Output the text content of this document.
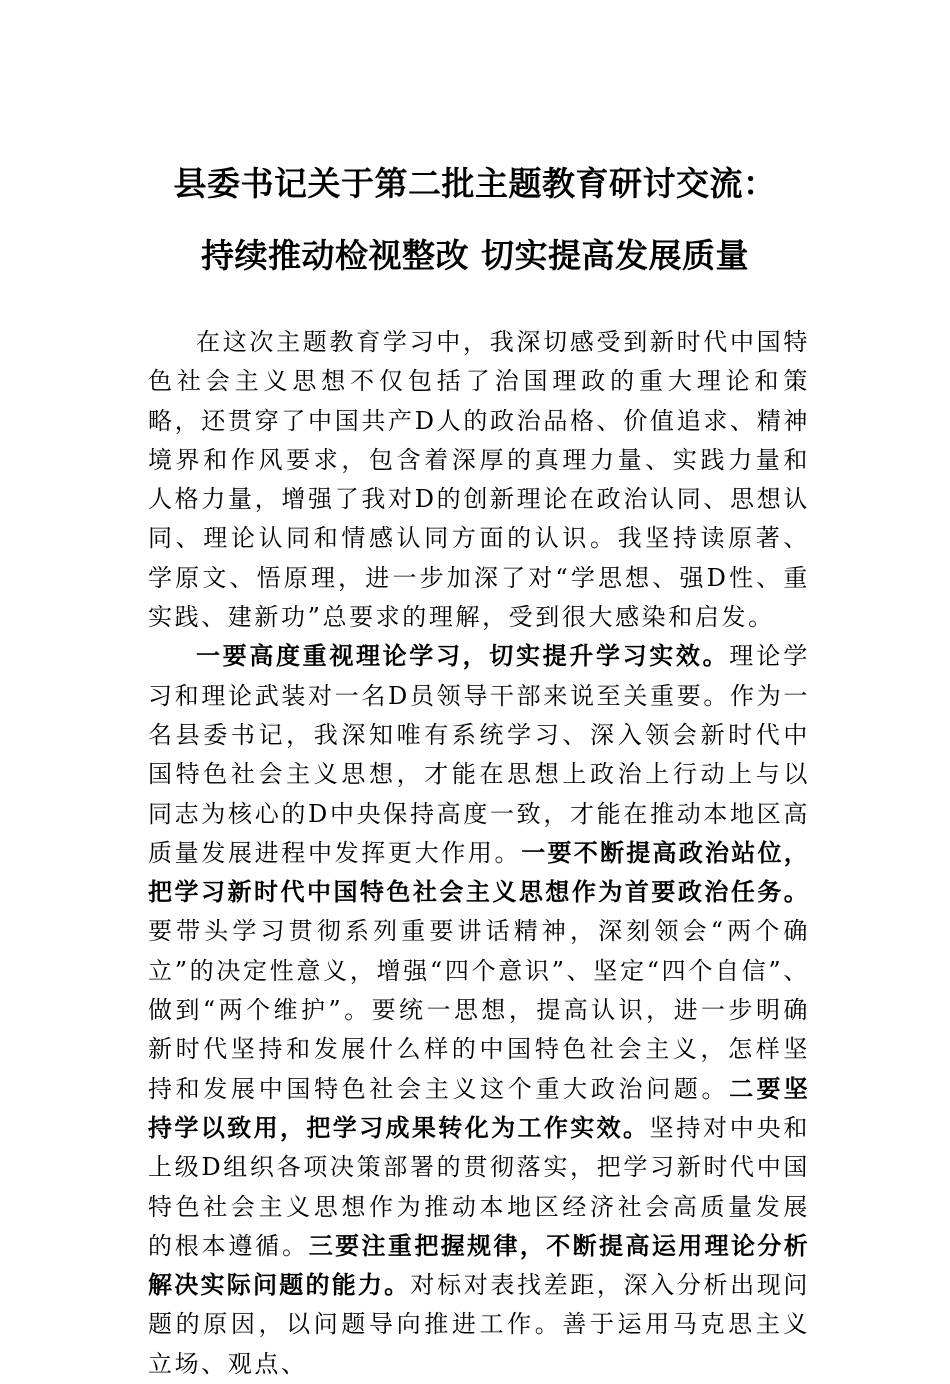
县委书记关于第二批主题教育研讨交流：
持续推动检视整改 切实提高发展质量

在这次主题教育学习中，我深切感受到新时代中国特色社会主义思想不仅包括了治国理政的重大理论和策略，还贯穿了中国共产D人的政治品格、价值追求、精神境界和作风要求，包含着深厚的真理力量、实践力量和人格力量，增强了我对D的创新理论在政治认同、思想认同、理论认同和情感认同方面的认识。我坚持读原著、学原文、悟原理，进一步加深了对“学思想、强D性、重实践、建新功”总要求的理解，受到很大感染和启发。

一要高度重视理论学习，切实提升学习实效。理论学习和理论武装对一名D员领导干部来说至关重要。作为一名县委书记，我深知唯有系统学习、深入领会新时代中国特色社会主义思想，才能在思想上政治上行动上与以同志为核心的D中央保持高度一致，才能在推动本地区高质量发展进程中发挥更大作用。一要不断提高政治站位，把学习新时代中国特色社会主义思想作为首要政治任务。要带头学习贯彻系列重要讲话精神，深刻领会“两个确立”的决定性意义，增强“四个意识”、坚定“四个自信”、做到“两个维护”。要统一思想，提高认识，进一步明确新时代坚持和发展什么样的中国特色社会主义，怎样坚持和发展中国特色社会主义这个重大政治问题。二要坚持学以致用，把学习成果转化为工作实效。坚持对中央和上级D组织各项决策部署的贯彻落实，把学习新时代中国特色社会主义思想作为推动本地区经济社会高质量发展的根本遵循。三要注重把握规律，不断提高运用理论分析解决实际问题的能力。对标对表找差距，深入分析出现问题的原因，以问题导向推进工作。善于运用马克思主义立场、观点、
